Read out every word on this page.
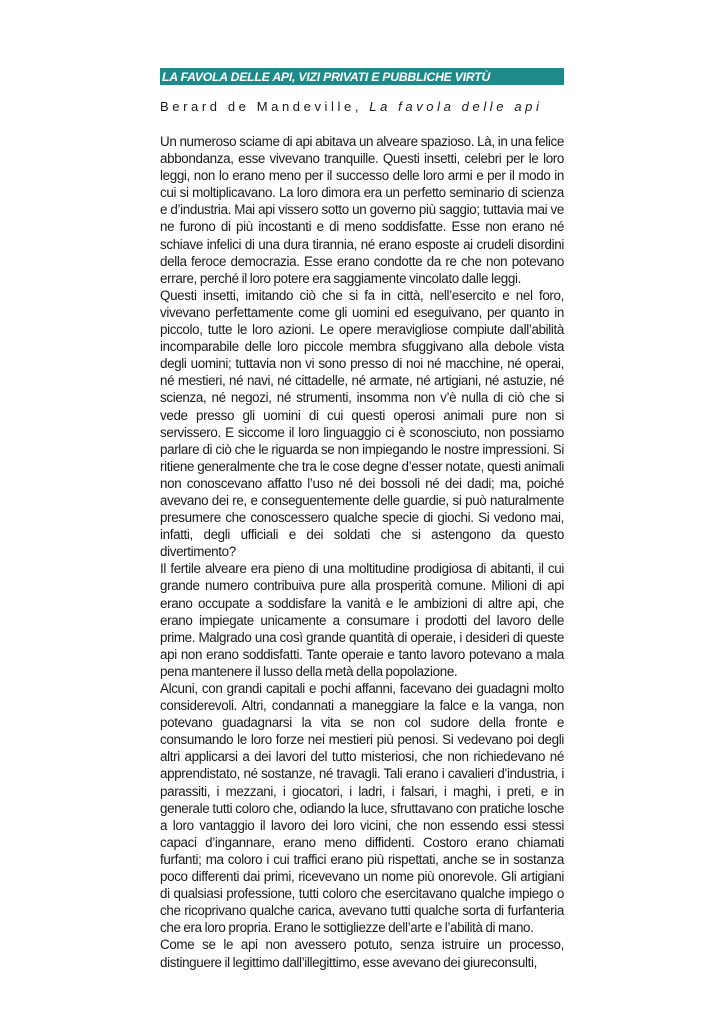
LA FAVOLA DELLE API, VIZI PRIVATI E PUBBLICHE VIRTÙ
Berard de Mandeville, La favola delle api

Un numeroso sciame di api abitava un alveare spazioso. Là, in una felice abbondanza, esse vivevano tranquille. Questi insetti, celebri per le loro leggi, non lo erano meno per il successo delle loro armi e per il modo in cui si moltiplicavano. La loro dimora era un perfetto seminario di scienza e d’industria. Mai api vissero sotto un governo più saggio; tuttavia mai ve ne furono di più incostanti e di meno soddisfatte. Esse non erano né schiave infelici di una dura tirannia, né erano esposte ai crudeli disordini della feroce democrazia. Esse erano condotte da re che non potevano errare, perché il loro potere era saggiamente vincolato dalle leggi.

Questi insetti, imitando ciò che si fa in città, nell’esercito e nel foro, vivevano perfettamente come gli uomini ed eseguivano, per quanto in piccolo, tutte le loro azioni. Le opere meravigliose compiute dall’abilità incomparabile delle loro piccole membra sfuggivano alla debole vista degli uomini; tuttavia non vi sono presso di noi né macchine, né operai, né mestieri, né navi, né cittadelle, né armate, né artigiani, né astuzie, né scienza, né negozi, né strumenti, insomma non v’è nulla di ciò che si vede presso gli uomini di cui questi operosi animali pure non si servissero. E siccome il loro linguaggio ci è sconosciuto, non possiamo parlare di ciò che le riguarda se non impiegando le nostre impressioni. Si ritiene generalmente che tra le cose degne d’esser notate, questi animali non conoscevano affatto l’uso né dei bossoli né dei dadi; ma, poiché avevano dei re, e conseguentemente delle guardie, si può naturalmente presumere che conoscessero qualche specie di giochi. Si vedono mai, infatti, degli ufficiali e dei soldati che si astengono da questo divertimento?

Il fertile alveare era pieno di una moltitudine prodigiosa di abitanti, il cui grande numero contribuiva pure alla prosperità comune. Milioni di api erano occupate a soddisfare la vanità e le ambizioni di altre api, che erano impiegate unicamente a consumare i prodotti del lavoro delle prime. Malgrado una così grande quantità di operaie, i desideri di queste api non erano soddisfatti. Tante operaie e tanto lavoro potevano a mala pena mantenere il lusso della metà della popolazione.

Alcuni, con grandi capitali e pochi affanni, facevano dei guadagni molto considerevoli. Altri, condannati a maneggiare la falce e la vanga, non potevano guadagnarsi la vita se non col sudore della fronte e consumando le loro forze nei mestieri più penosi. Si vedevano poi degli altri applicarsi a dei lavori del tutto misteriosi, che non richiedevano né apprendistato, né sostanze, né travagli. Tali erano i cavalieri d’industria, i parassiti, i mezzani, i giocatori, i ladri, i falsari, i maghi, i preti, e in generale tutti coloro che, odiando la luce, sfruttavano con pratiche losche a loro vantaggio il lavoro dei loro vicini, che non essendo essi stessi capaci d’ingannare, erano meno diffidenti. Costoro erano chiamati furfanti; ma coloro i cui traffici erano più rispettati, anche se in sostanza poco differenti dai primi, ricevevano un nome più onorevole. Gli artigiani di qualsiasi professione, tutti coloro che esercitavano qualche impiego o che ricoprivano qualche carica, avevano tutti qualche sorta di furfanteria che era loro propria. Erano le sottigliezze dell’arte e l’abilità di mano.

Come se le api non avessero potuto, senza istruire un processo, distinguere il legittimo dall’illegittimo, esse avevano dei giureconsulti,
